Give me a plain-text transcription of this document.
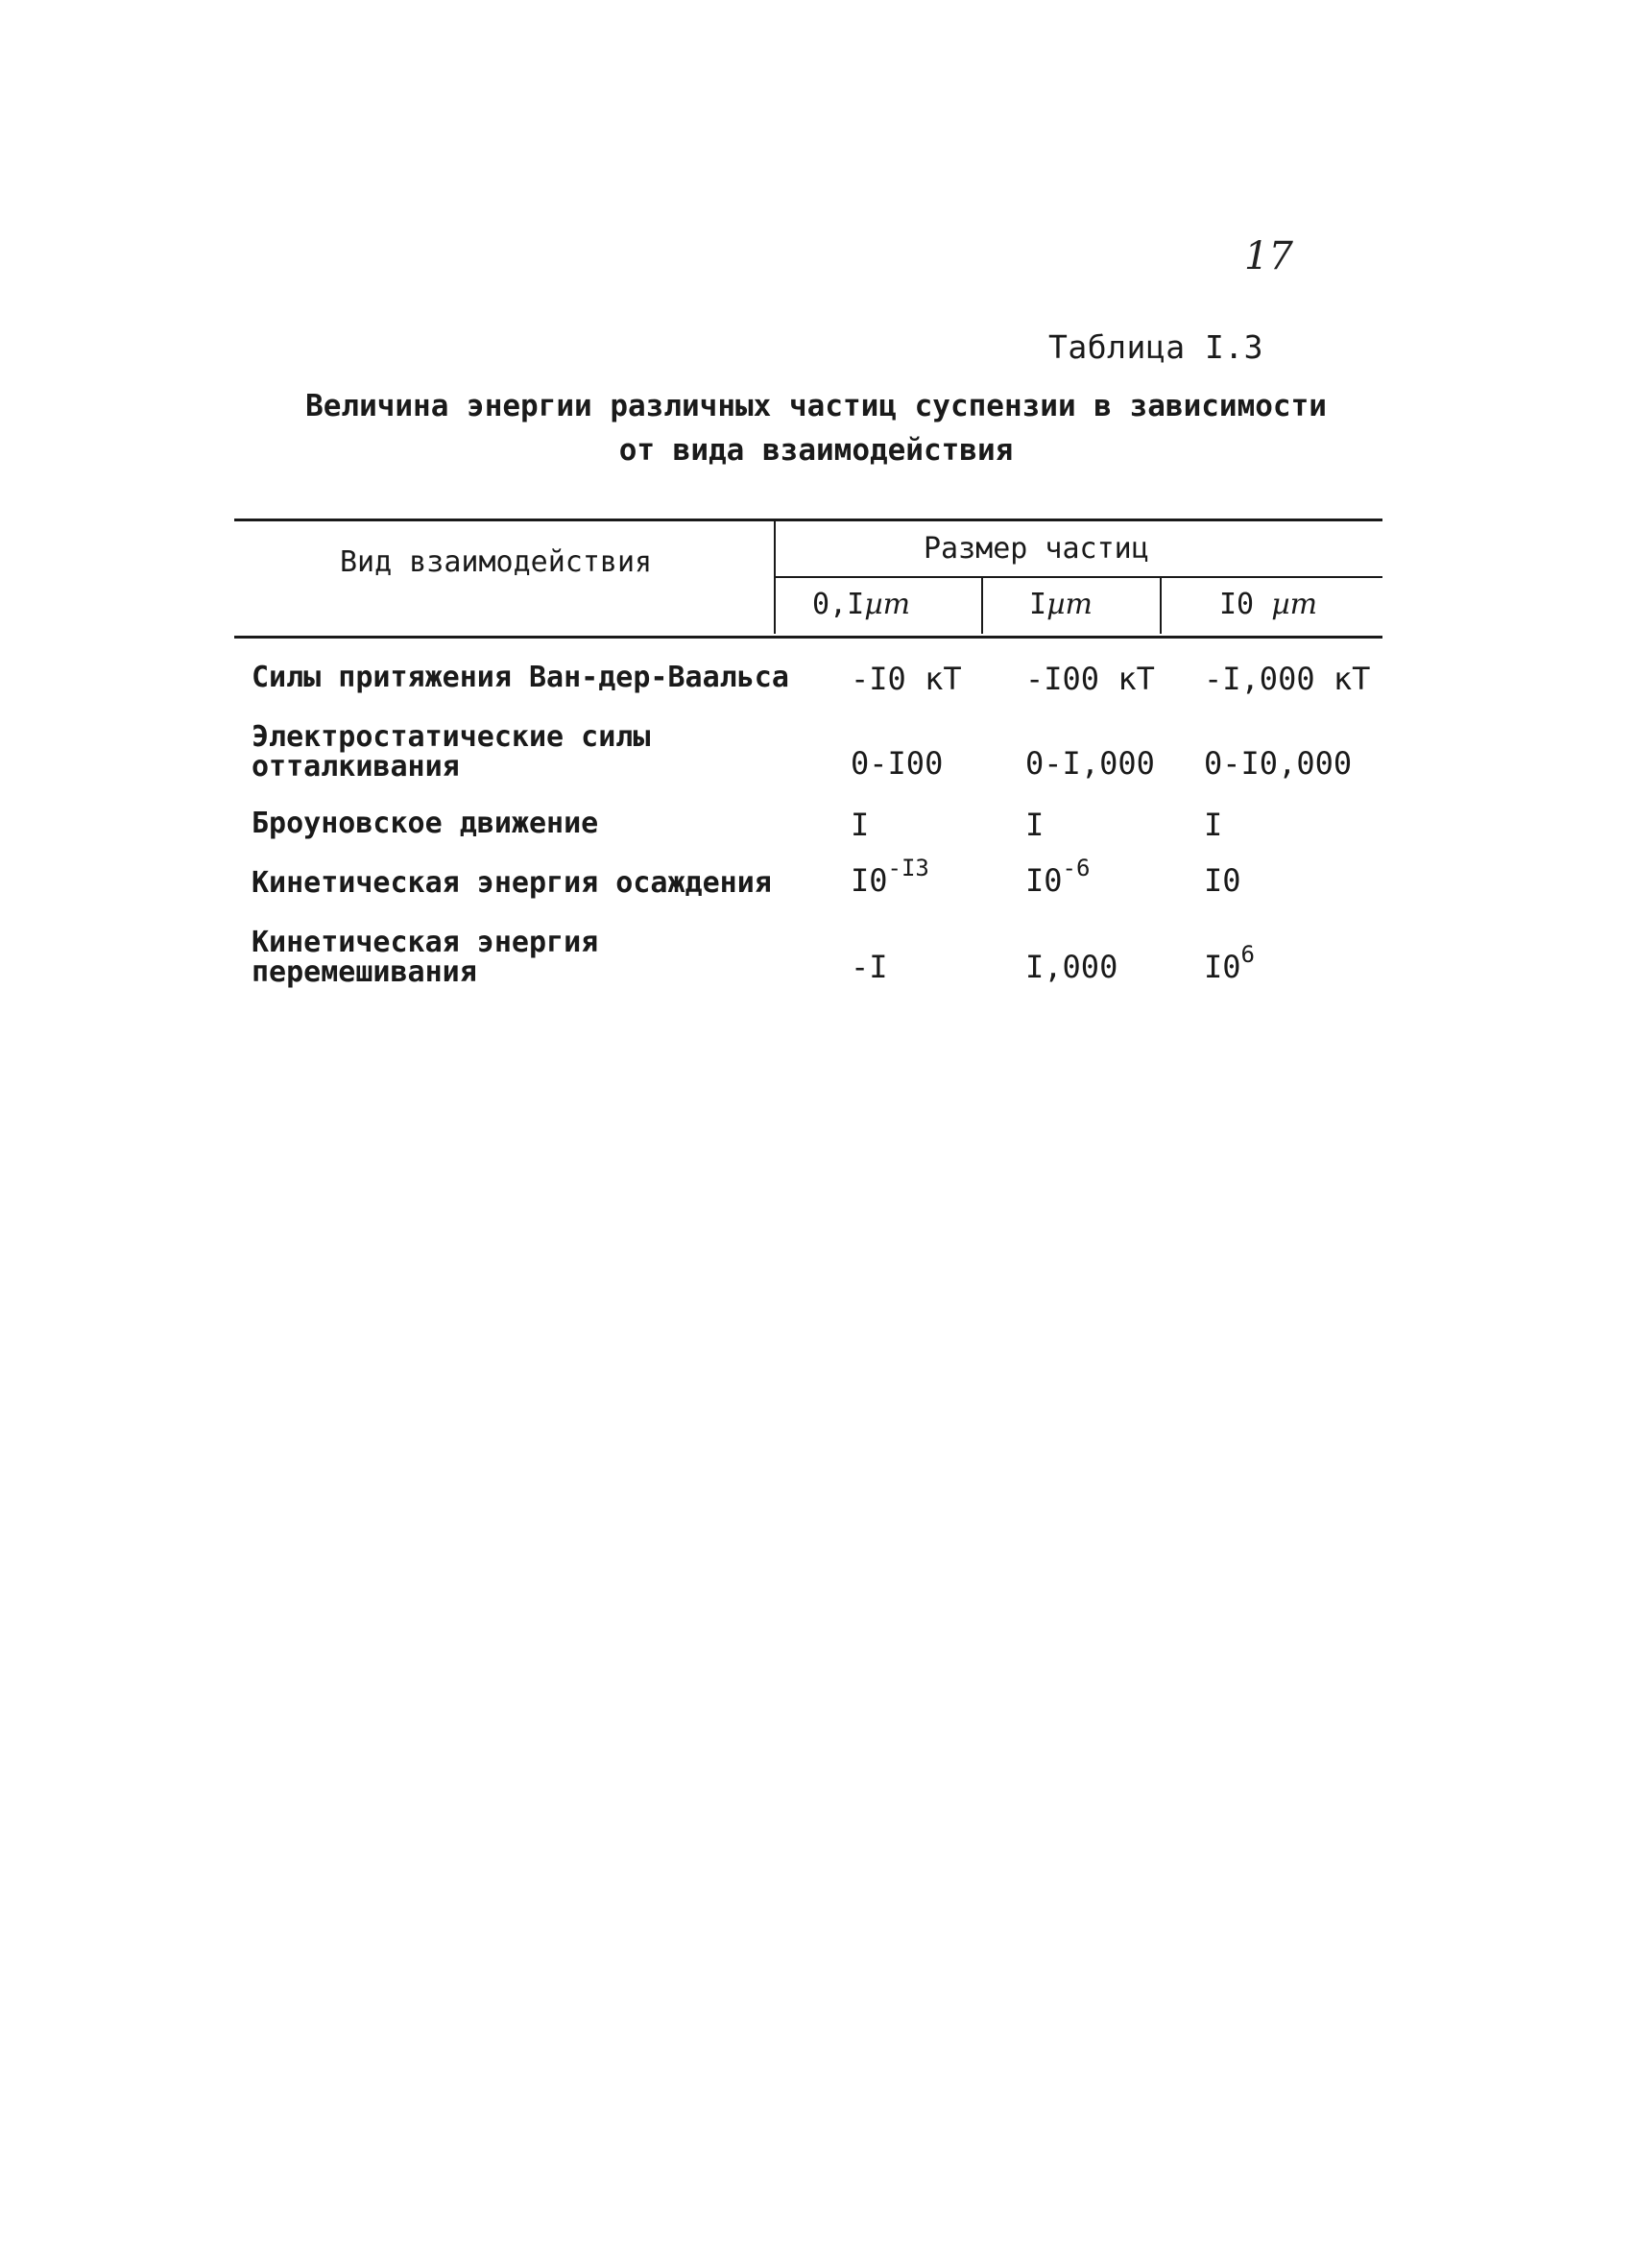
17
Таблица I.3
Величина энергии различных частиц суспензии в зависимости
от вида взаимодействия
Вид взаимодействия	Размер частиц
0,Iµm	Iµm	I0 µm
Силы притяжения Ван-дер-Ваальса -I0 кТ -I00 кТ -I,000 кТ
Электростатические силы
отталкивания	0-I00	0-I,000 0-I0,000
Броуновское движение	I	I	I
Кинетическая энергия осаждения	$I0^{-I3}$	$I0^{-6}$	I0
Кинетическая энергия
перемешивания	-I	I,000	$I0^6$
